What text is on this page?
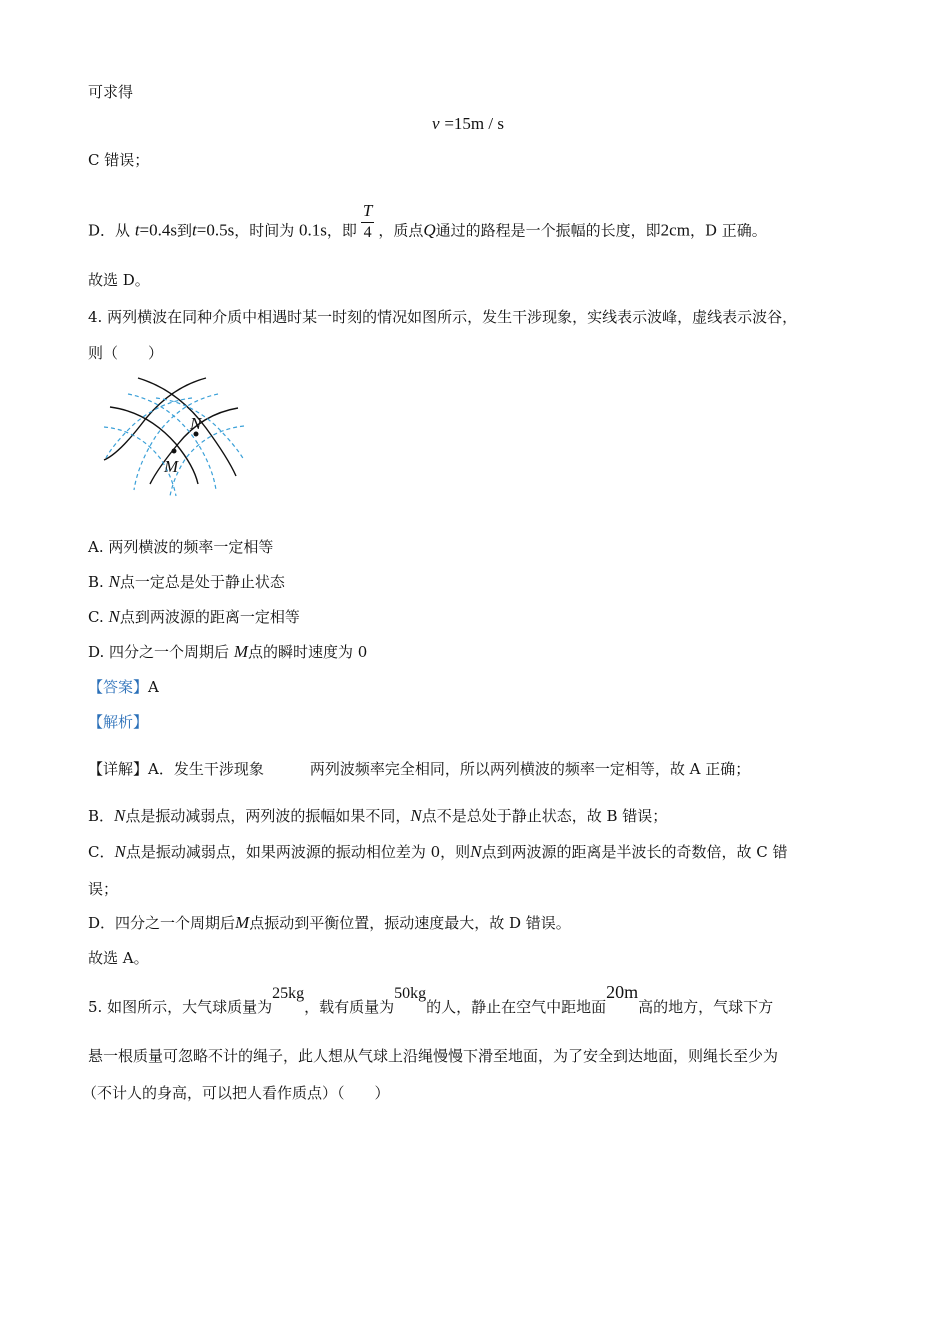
可求得
v =15m / s
C 错误；
D．从 t=0.4s到t=0.5s，时间为 0.1s，即 $\frac{T}{4}$ ，质点Q通过的路程是一个振幅的长度，即2cm，D 正确。
故选 D。
4. 两列横波在同种介质中相遇时某一时刻的情况如图所示，发生干涉现象，实线表示波峰，虚线表示波谷，
则（　　）
N
M
A. 两列横波的频率一定相等
B. N点一定总是处于静止状态
C. N点到两波源的距离一定相等
D. 四分之一个周期后 M点的瞬时速度为 0
【答案】A
【解析】
【详解】A．发生干涉现象	两列波频率完全相同，所以两列横波的频率一定相等，故 A 正确；
B．N点是振动减弱点，两列波的振幅如果不同，N点不是总处于静止状态，故 B 错误；
C．N点是振动减弱点，如果两波源的振动相位差为 0，则N点到两波源的距离是半波长的奇数倍，故 C 错
误；
D．四分之一个周期后M点振动到平衡位置，振动速度最大，故 D 错误。
故选 A。
5. 如图所示，大气球质量为25kg，载有质量为50kg的人，静止在空气中距地面20m高的地方，气球下方
悬一根质量可忽略不计的绳子，此人想从气球上沿绳慢慢下滑至地面，为了安全到达地面，则绳长至少为
（不计人的身高，可以把人看作质点）（　　）
